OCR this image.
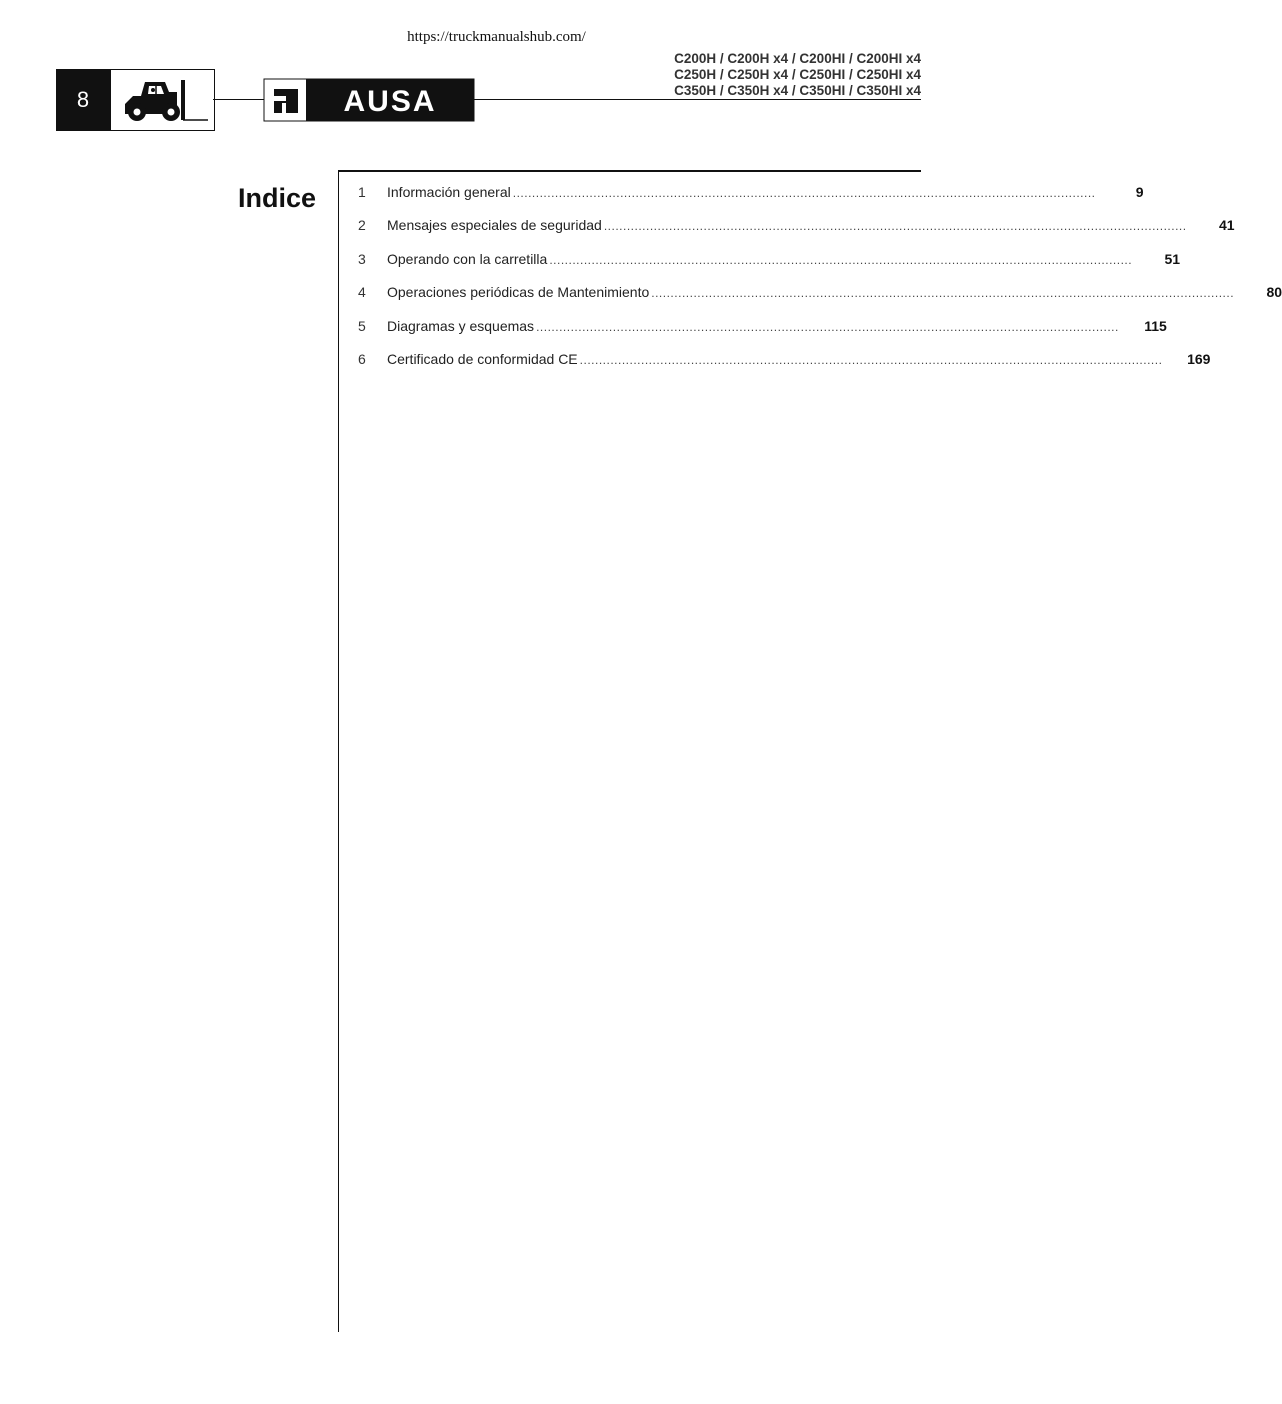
https://truckmanualshub.com/
8	AUSA
C200H / C200H x4 / C200HI / C200HI x4
C250H / C250H x4 / C250HI / C250HI x4
C350H / C350H x4 / C350HI / C350HI x4
Indice	1	Información general ........................................................................................................................................................	9
2	Mensajes especiales de seguridad ........................................................................................................................................................	41
3	Operando con la carretilla ........................................................................................................................................................	51
4	Operaciones periódicas de Mantenimiento ........................................................................................................................................................	80
5	Diagramas y esquemas ........................................................................................................................................................	115
6	Certificado de conformidad CE ........................................................................................................................................................	169
